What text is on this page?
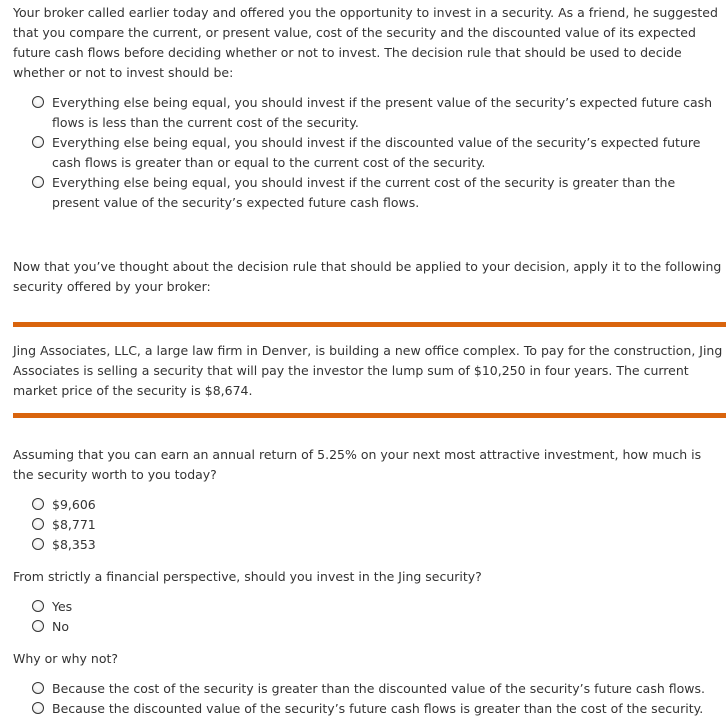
Your broker called earlier today and offered you the opportunity to invest in a security. As a friend, he suggested that you compare the current, or present value, cost of the security and the discounted value of its expected future cash flows before deciding whether or not to invest. The decision rule that should be used to decide whether or not to invest should be:

Everything else being equal, you should invest if the present value of the security’s expected future cash flows is less than the current cost of the security.
Everything else being equal, you should invest if the discounted value of the security’s expected future cash flows is greater than or equal to the current cost of the security.
Everything else being equal, you should invest if the current cost of the security is greater than the present value of the security’s expected future cash flows.

Now that you’ve thought about the decision rule that should be applied to your decision, apply it to the following security offered by your broker:

Jing Associates, LLC, a large law firm in Denver, is building a new office complex. To pay for the construction, Jing Associates is selling a security that will pay the investor the lump sum of $10,250 in four years. The current market price of the security is $8,674.

Assuming that you can earn an annual return of 5.25% on your next most attractive investment, how much is the security worth to you today?

$9,606
$8,771
$8,353

From strictly a financial perspective, should you invest in the Jing security?

Yes
No

Why or why not?

Because the cost of the security is greater than the discounted value of the security’s future cash flows.
Because the discounted value of the security’s future cash flows is greater than the cost of the security.
